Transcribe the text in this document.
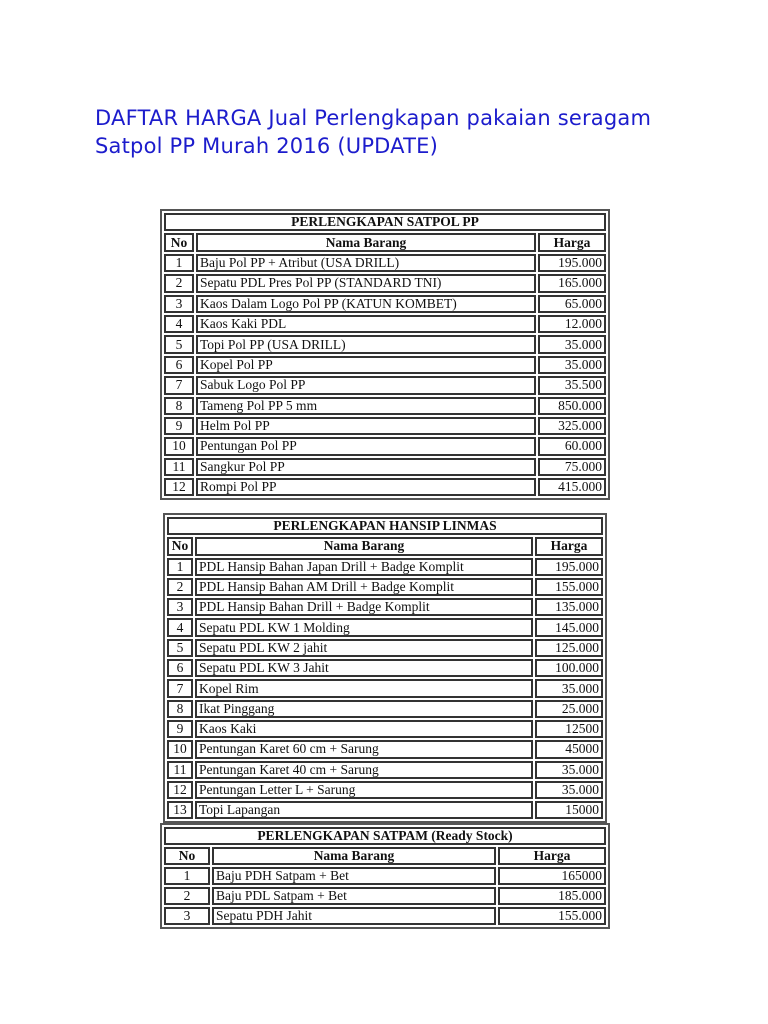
DAFTAR HARGA Jual Perlengkapan pakaian seragam Satpol PP Murah 2016 (UPDATE)
PERLENGKAPAN SATPOL PP		
No	Nama Barang	Harga
1	Baju Pol PP + Atribut (USA DRILL)	195.000
2	Sepatu PDL Pres Pol PP (STANDARD TNI)	165.000
3	Kaos Dalam Logo Pol PP (KATUN KOMBET)	65.000
4	Kaos Kaki PDL	12.000
5	Topi Pol PP (USA DRILL)	35.000
6	Kopel Pol PP	35.000
7	Sabuk Logo Pol PP	35.500
8	Tameng Pol PP 5 mm	850.000
9	Helm Pol PP	325.000
10	Pentungan Pol PP	60.000
11	Sangkur Pol PP	75.000
12	Rompi Pol PP	415.000
PERLENGKAPAN HANSIP LINMAS		
No	Nama Barang	Harga
1	PDL Hansip Bahan Japan Drill + Badge Komplit	195.000
2	PDL Hansip Bahan AM Drill + Badge Komplit	155.000
3	PDL Hansip Bahan Drill + Badge Komplit	135.000
4	Sepatu PDL KW 1 Molding	145.000
5	Sepatu PDL KW 2 jahit	125.000
6	Sepatu PDL KW 3 Jahit	100.000
7	Kopel Rim	35.000
8	Ikat Pinggang	25.000
9	Kaos Kaki	12500
10	Pentungan Karet 60 cm + Sarung	45000
11	Pentungan Karet 40 cm + Sarung	35.000
12	Pentungan Letter L + Sarung	35.000
13	Topi Lapangan	15000
PERLENGKAPAN SATPAM (Ready Stock)		
No	Nama Barang	Harga
1	Baju PDH Satpam + Bet	165000
2	Baju PDL Satpam + Bet	185.000
3	Sepatu PDH Jahit	155.000
